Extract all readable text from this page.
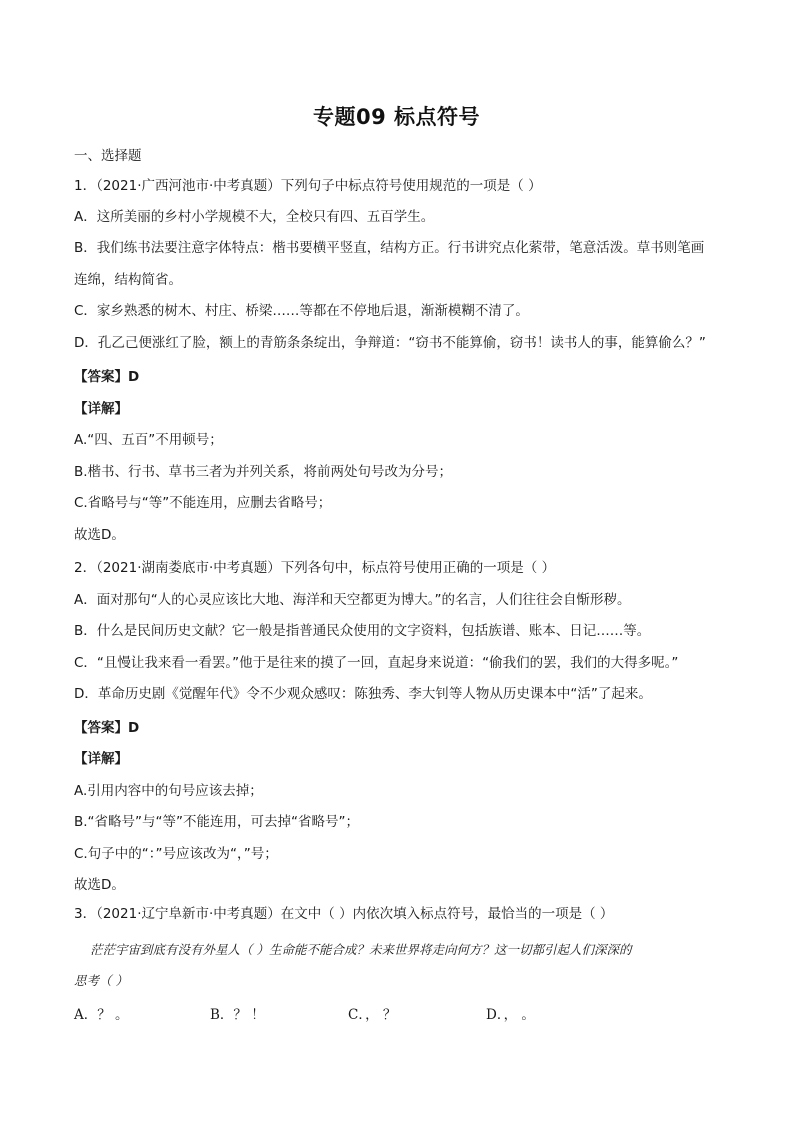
专题09 标点符号
一、选择题
1．（2021·广西河池市·中考真题）下列句子中标点符号使用规范的一项是（ ）
A．这所美丽的乡村小学规模不大，全校只有四、五百学生。
B．我们练书法要注意字体特点：楷书要横平竖直，结构方正。行书讲究点化萦带，笔意活泼。草书则笔画
连绵，结构简省。
C．家乡熟悉的树木、村庄、桥梁……等都在不停地后退，渐渐模糊不清了。
D．孔乙己便涨红了脸，额上的青筋条条绽出，争辩道：“窃书不能算偷，窃书！读书人的事，能算偷么？”
【答案】D
【详解】
A.“四、五百”不用顿号；
B.楷书、行书、草书三者为并列关系，将前两处句号改为分号；
C.省略号与“等”不能连用，应删去省略号；
故选D。
2．（2021·湖南娄底市·中考真题）下列各句中，标点符号使用正确的一项是（ ）
A．面对那句“人的心灵应该比大地、海洋和天空都更为博大。”的名言，人们往往会自惭形秽。
B．什么是民间历史文献？它一般是指普通民众使用的文字资料，包括族谱、账本、日记……等。
C．“且慢让我来看一看罢。”他于是往来的摸了一回，直起身来说道：“偷我们的罢，我们的大得多呢。”
D．革命历史剧《觉醒年代》令不少观众感叹：陈独秀、李大钊等人物从历史课本中“活”了起来。
【答案】D
【详解】
A.引用内容中的句号应该去掉；
B.“省略号”与“等”不能连用，可去掉“省略号”；
C.句子中的“：”号应该改为“，”号；
故选D。
3．（2021·辽宁阜新市·中考真题）在文中（ ）内依次填入标点符号，最恰当的一项是（ ）
茫茫宇宙到底有没有外星人（ ）生命能不能合成？未来世界将走向何方？这一切都引起人们深深的
思考（ ）
A．？ 。	B．？ ！	C．， ？	D．， 。
